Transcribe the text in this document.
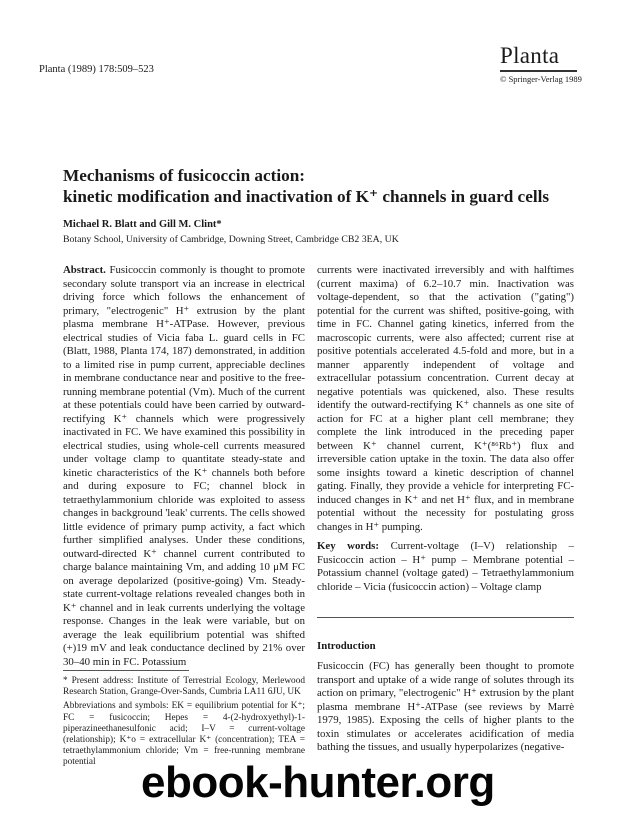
Planta (1989) 178:509–523
Planta
© Springer-Verlag 1989
Mechanisms of fusicoccin action:
kinetic modification and inactivation of K⁺ channels in guard cells
Michael R. Blatt and Gill M. Clint*
Botany School, University of Cambridge, Downing Street, Cambridge CB2 3EA, UK

Abstract. Fusicoccin commonly is thought to promote secondary solute transport via an increase in electrical driving force which follows the enhancement of primary, "electrogenic" H⁺ extrusion by the plant plasma membrane H⁺-ATPase. However, previous electrical studies of Vicia faba L. guard cells in FC (Blatt, 1988, Planta 174, 187) demonstrated, in addition to a limited rise in pump current, appreciable declines in membrane conductance near and positive to the free-running membrane potential (Vm). Much of the current at these potentials could have been carried by outward-rectifying K⁺ channels which were progressively inactivated in FC. We have examined this possibility in electrical studies, using whole-cell currents measured under voltage clamp to quantitate steady-state and kinetic characteristics of the K⁺ channels both before and during exposure to FC; channel block in tetraethylammonium chloride was exploited to assess changes in background 'leak' currents. The cells showed little evidence of primary pump activity, a fact which further simplified analyses. Under these conditions, outward-directed K⁺ channel current contributed to charge balance maintaining Vm, and adding 10 μM FC on average depolarized (positive-going) Vm. Steady-state current-voltage relations revealed changes both in K⁺ channel and in leak currents underlying the voltage response. Changes in the leak were variable, but on average the leak equilibrium potential was shifted (+)19 mV and leak conductance declined by 21% over 30–40 min in FC. Potassium

* Present address: Institute of Terrestrial Ecology, Merlewood Research Station, Grange-Over-Sands, Cumbria LA11 6JU, UK

Abbreviations and symbols: EK = equilibrium potential for K⁺; FC = fusicoccin; Hepes = 4-(2-hydroxyethyl)-1-piperazineethanesulfonic acid; I–V = current-voltage (relationship); K⁺o = extracellular K⁺ (concentration); TEA = tetraethylammonium chloride; Vm = free-running membrane potential

currents were inactivated irreversibly and with halftimes (current maxima) of 6.2–10.7 min. Inactivation was voltage-dependent, so that the activation ("gating") potential for the current was shifted, positive-going, with time in FC. Channel gating kinetics, inferred from the macroscopic currents, were also affected; current rise at positive potentials accelerated 4.5-fold and more, but in a manner apparently independent of voltage and extracellular potassium concentration. Current decay at negative potentials was quickened, also. These results identify the outward-rectifying K⁺ channels as one site of action for FC at a higher plant cell membrane; they complete the link introduced in the preceding paper between K⁺ channel current, K⁺(⁸⁶Rb⁺) flux and irreversible cation uptake in the toxin. The data also offer some insights toward a kinetic description of channel gating. Finally, they provide a vehicle for interpreting FC-induced changes in K⁺ and net H⁺ flux, and in membrane potential without the necessity for postulating gross changes in H⁺ pumping.

Key words: Current-voltage (I–V) relationship – Fusicoccin action – H⁺ pump – Membrane potential – Potassium channel (voltage gated) – Tetraethylammonium chloride – Vicia (fusicoccin action) – Voltage clamp

Introduction

Fusicoccin (FC) has generally been thought to promote transport and uptake of a wide range of solutes through its action on primary, "electrogenic" H⁺ extrusion by the plant plasma membrane H⁺-ATPase (see reviews by Marrè 1979, 1985). Exposing the cells of higher plants to the toxin stimulates or accelerates acidification of media bathing the tissues, and usually hyperpolarizes (negative-

ebook-hunter.org
